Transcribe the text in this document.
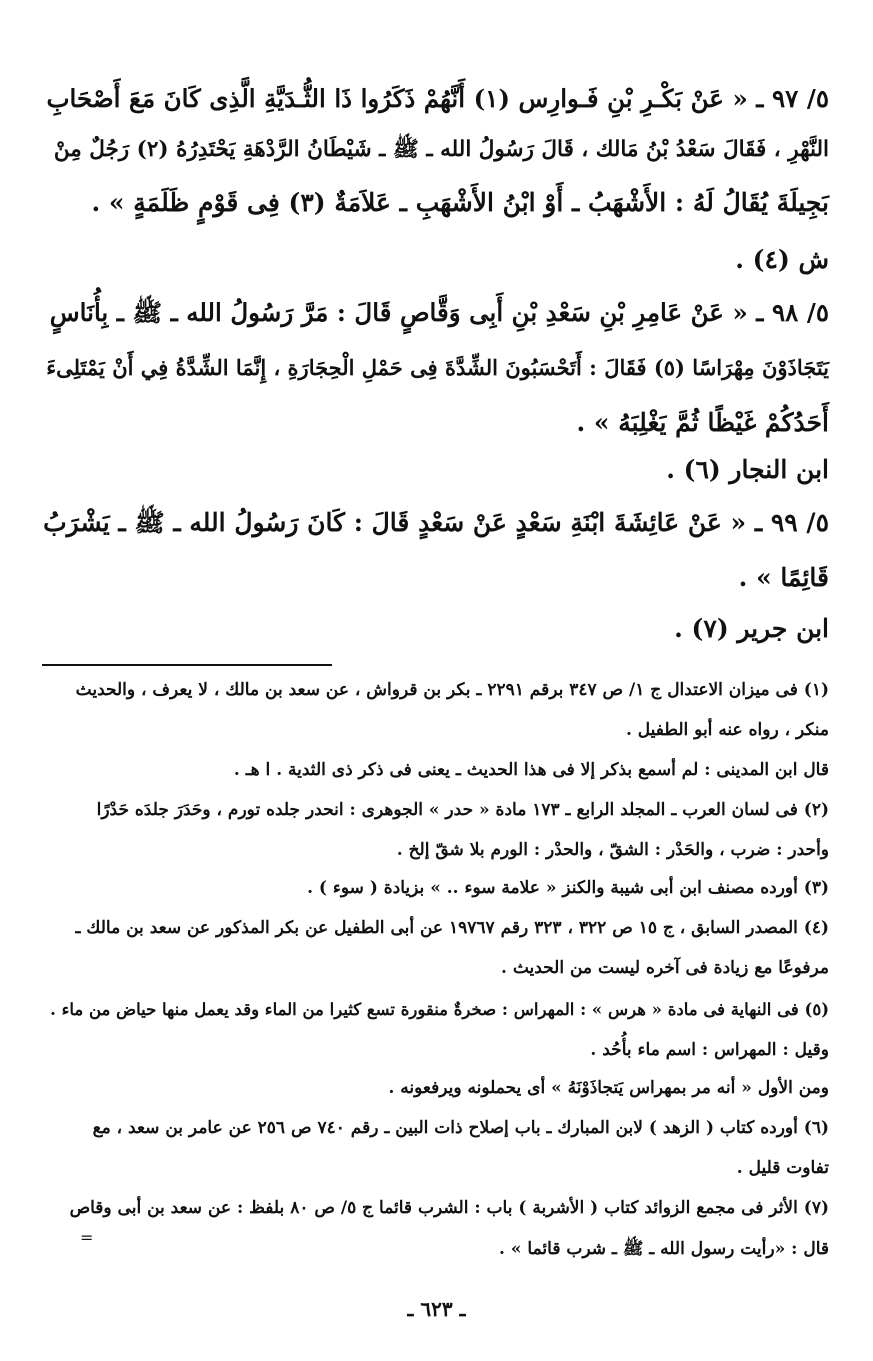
٥/ ٩٧ ـ « عَنْ بَكْـرِ بْنِ فَـوارِس (١) أَنَّهُمْ ذَكَرُوا ذَا الثُّـدَيَّةِ الَّذِى كَانَ مَعَ أَصْحَابِ
النَّهْرِ ، فَقَالَ سَعْدُ بْنُ مَالك ، قَالَ رَسُولُ الله ـ ﷺ ـ شَيْطَانُ الرَّدْهَةِ يَحْتَدِرُهُ (٢) رَجُلٌ مِنْ
بَجِيلَةَ يُقَالُ لَهُ : الأَشْهَبُ ـ أَوْ ابْنُ الأَشْهَبِ ـ عَلاَمَةٌ (٣) فِى قَوْمٍ ظَلَمَةٍ » .
ش (٤) .
٥/ ٩٨ ـ « عَنْ عَامِرِ بْنِ سَعْدِ بْنِ أَبِى وَقَّاصٍ قَالَ : مَرَّ رَسُولُ الله ـ ﷺ ـ بِأُنَاسٍ
يَتَجَاذَوْنَ مِهْرَاسًا (٥) فَقَالَ : أَتَحْسَبُونَ الشِّدَّةَ فِى حَمْلِ الْحِجَارَةِ ، إِنَّمَا الشِّدَّةُ فِي أَنْ يَمْتَلِىءَ
أَحَدُكُمْ غَيْظًا ثُمَّ يَغْلِبَهُ » .
ابن النجار (٦) .
٥/ ٩٩ ـ « عَنْ عَائِشَةَ ابْنَةِ سَعْدٍ عَنْ سَعْدٍ قَالَ : كَانَ رَسُولُ الله ـ ﷺ ـ يَشْرَبُ
قَائِمًا » .
ابن جرير (٧) .
(١) فى ميزان الاعتدال ج ١/ ص ٣٤٧ برقم ٢٢٩١ ـ بكر بن قرواش ، عن سعد بن مالك ، لا يعرف ، والحديث
منكر ، رواه عنه أبو الطفيل .
قال ابن المدينى : لم أسمع بذكر إلا فى هذا الحديث ـ يعنى فى ذكر ذى الثدية . ا هـ .
(٢) فى لسان العرب ـ المجلد الرابع ـ ١٧٣ مادة « حدر » الجوهرى : انحدر جلده تورم ، وحَدَرَ جلدَه حَدْرًا
وأحدر : ضرب ، والحَدْر : الشقّ ، والحدْر : الورم بلا شقّ إلخ .
(٣) أورده مصنف ابن أبى شيبة والكنز « علامة سوء .. » بزيادة ( سوء ) .
(٤) المصدر السابق ، ج ١٥ ص ٣٢٢ ، ٣٢٣ رقم ١٩٧٦٧ عن أبى الطفيل عن بكر المذكور عن سعد بن مالك ـ
مرفوعًا مع زيادة فى آخره ليست من الحديث .
(٥) فى النهاية فى مادة « هرس » : المهراس : صخرةٌ منقورة تسع كثيرا من الماء وقد يعمل منها حياض من ماء .
وقيل : المهراس : اسم ماء بأُحُد .
ومن الأول « أنه مر بمهراس يَتجاذَوْنَهُ » أى يحملونه ويرفعونه .
(٦) أورده كتاب ( الزهد ) لابن المبارك ـ باب إصلاح ذات البين ـ رقم ٧٤٠ ص ٢٥٦ عن عامر بن سعد ، مع
تفاوت قليل .
(٧) الأثر فى مجمع الزوائد كتاب ( الأشربة ) باب : الشرب قائما ج ٥/ ص ٨٠ بلفظ : عن سعد بن أبى وقاص
قال : «رأيت رسول الله ـ ﷺ ـ شرب قائما » .
=
ـ ٦٢٣ ـ
